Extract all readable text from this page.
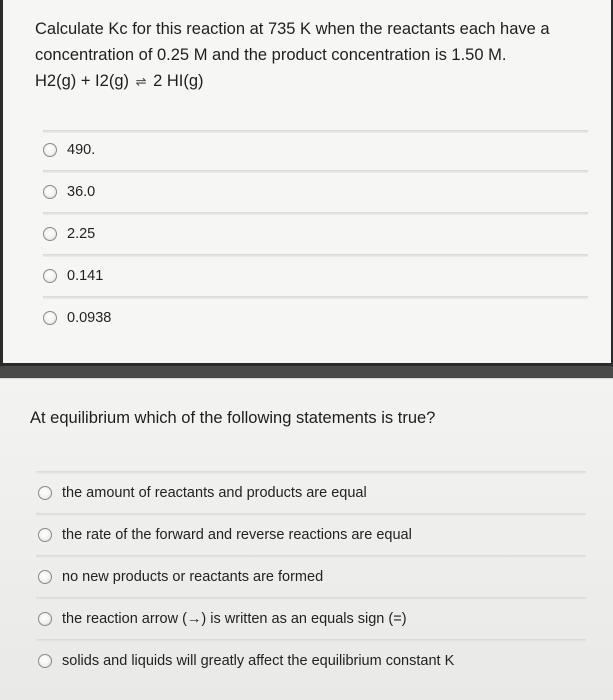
Calculate Kc for this reaction at 735 K when the reactants each have a
concentration of 0.25 M and the product concentration is 1.50 M.
H2(g) + I2(g) ⇌ 2 HI(g)

490.
36.0
2.25
0.141
0.0938

At equilibrium which of the following statements is true?

the amount of reactants and products are equal
the rate of the forward and reverse reactions are equal
no new products or reactants are formed
the reaction arrow (→) is written as an equals sign (=)
solids and liquids will greatly affect the equilibrium constant K
